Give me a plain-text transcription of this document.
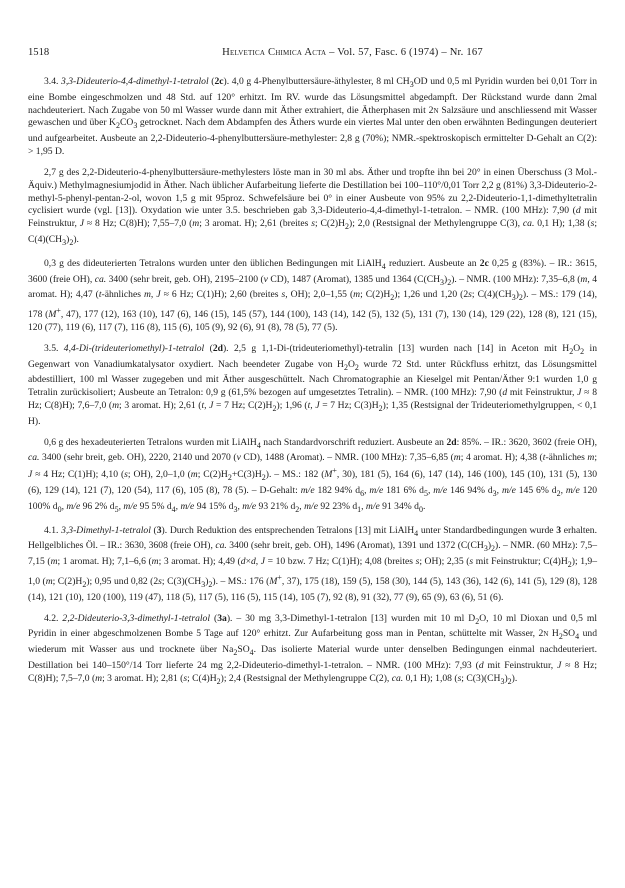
1518	Helvetica Chimica Acta – Vol. 57, Fasc. 6 (1974) – Nr. 167

3.4. 3,3-Dideuterio-4,4-dimethyl-1-tetralol (2c). 4,0 g 4-Phenylbuttersäure-äthylester, 8 ml $CH_3OD$ und 0,5 ml Pyridin wurden bei 0,01 Torr in eine Bombe eingeschmolzen und 48 Std. auf 120° erhitzt. Im RV. wurde das Lösungsmittel abgedampft. Der Rückstand wurde dann 2mal nachdeuteriert. Nach Zugabe von 50 ml Wasser wurde dann mit Äther extrahiert, die Ätherphasen mit 2n Salzsäure und anschliessend mit Wasser gewaschen und über $K_2CO_3$ getrocknet. Nach dem Abdampfen des Äthers wurde ein viertes Mal unter den oben erwähnten Bedingungen deuteriert und aufgearbeitet. Ausbeute an 2,2-Dideuterio-4-phenylbuttersäure-methylester: 2,8 g (70%); NMR.-spektroskopisch ermittelter D-Gehalt an C(2): > 1,95 D.

2,7 g des 2,2-Dideuterio-4-phenylbuttersäure-methylesters löste man in 30 ml abs. Äther und tropfte ihn bei 20° in einen Überschuss (3 Mol.-Äquiv.) Methylmagnesiumjodid in Äther. Nach üblicher Aufarbeitung lieferte die Destillation bei 100–110°/0,01 Torr 2,2 g (81%) 3,3-Dideuterio-2-methyl-5-phenyl-pentan-2-ol, wovon 1,5 g mit 95proz. Schwefelsäure bei 0° in einer Ausbeute von 95% zu 2,2-Dideuterio-1,1-dimethyltetralin cyclisiert wurde (vgl. [13]). Oxydation wie unter 3.5. beschrieben gab 3,3-Dideuterio-4,4-dimethyl-1-tetralon. – NMR. (100 MHz): 7,90 (d mit Feinstruktur, J ≈ 8 Hz; C(8)H); 7,55–7,0 (m; 3 aromat. H); 2,61 (breites s; $C(2)H_2$); 2,0 (Restsignal der Methylengruppe C(3), ca. 0,1 H); 1,38 (s; $C(4)(CH_3)_2$).

0,3 g des dideuterierten Tetralons wurden unter den üblichen Bedingungen mit LiAlH$_4$ reduziert. Ausbeute an 2c 0,25 g (83%). – IR.: 3615, 3600 (freie OH), ca. 3400 (sehr breit, geb. OH), 2195–2100 (v CD), 1487 (Aromat), 1385 und 1364 $(C(CH_3)_2)$. – NMR. (100 MHz): 7,35–6,8 (m, 4 aromat. H); 4,47 (t-ähnliches m, J ≈ 6 Hz; C(1)H); 2,60 (breites s, OH); 2,0–1,55 (m; $C(2)H_2$); 1,26 und 1,20 (2s; $C(4)(CH_3)_2$). – MS.: 179 (14), 178 (M+, 47), 177 (12), 163 (10), 147 (6), 146 (15), 145 (57), 144 (100), 143 (14), 142 (5), 132 (5), 131 (7), 130 (14), 129 (22), 128 (8), 121 (15), 120 (77), 119 (6), 117 (7), 116 (8), 115 (6), 105 (9), 92 (6), 91 (8), 78 (5), 77 (5).

3.5. 4,4-Di-(trideuteriomethyl)-1-tetralol (2d). 2,5 g 1,1-Di-(trideuteriomethyl)-tetralin [13] wurden nach [14] in Aceton mit $H_2O_2$ in Gegenwart von Vanadiumkatalysator oxydiert. Nach beendeter Zugabe von $H_2O_2$ wurde 72 Std. unter Rückfluss erhitzt, das Lösungsmittel abdestilliert, 100 ml Wasser zugegeben und mit Äther ausgeschüttelt. Nach Chromatographie an Kieselgel mit Pentan/Äther 9:1 wurden 1,0 g Tetralin zurückisoliert; Ausbeute an Tetralon: 0,9 g (61,5% bezogen auf umgesetztes Tetralin). – NMR. (100 MHz): 7,90 (d mit Feinstruktur, J ≈ 8 Hz; C(8)H); 7,6–7,0 (m; 3 aromat. H); 2,61 (t, J = 7 Hz; $C(2)H_2$); 1,96 (t, J = 7 Hz; $C(3)H_2$); 1,35 (Restsignal der Trideuteriomethylgruppen, < 0,1 H).

0,6 g des hexadeuterierten Tetralons wurden mit LiAlH$_4$ nach Standardvorschrift reduziert. Ausbeute an 2d: 85%. – IR.: 3620, 3602 (freie OH), ca. 3400 (sehr breit, geb. OH), 2220, 2140 und 2070 (v CD), 1488 (Aromat). – NMR. (100 MHz): 7,35–6,85 (m; 4 aromat. H); 4,38 (t-ähnliches m; J ≈ 4 Hz; C(1)H); 4,10 (s; OH), 2,0–1,0 (m; $C(2)H_2+C(3)H_2$). – MS.: 182 (M+, 30), 181 (5), 164 (6), 147 (14), 146 (100), 145 (10), 131 (5), 130 (6), 129 (14), 121 (7), 120 (54), 117 (6), 105 (8), 78 (5). – D-Gehalt: m/e 182 94% $d_6$, m/e 181 6% $d_5$, m/e 146 94% $d_3$, m/e 145 6% $d_2$, m/e 120 100% $d_0$, m/e 96 2% $d_5$, m/e 95 5% $d_4$, m/e 94 15% $d_3$, m/e 93 21% $d_2$, m/e 92 23% $d_1$, m/e 91 34% $d_0$.

4.1. 3,3-Dimethyl-1-tetralol (3). Durch Reduktion des entsprechenden Tetralons [13] mit LiAlH$_4$ unter Standardbedingungen wurde 3 erhalten. Hellgelbliches Öl. – IR.: 3630, 3608 (freie OH), ca. 3400 (sehr breit, geb. OH), 1496 (Aromat), 1391 und 1372 $(C(CH_3)_2)$. – NMR. (60 MHz): 7,5–7,15 (m; 1 aromat. H); 7,1–6,6 (m; 3 aromat. H); 4,49 (d×d, J = 10 bzw. 7 Hz; C(1)H); 4,08 (breites s; OH); 2,35 (s mit Feinstruktur; $C(4)H_2$); 1,9–1,0 (m; $C(2)H_2$); 0,95 und 0,82 (2s; $C(3)(CH_3)_2$). – MS.: 176 (M+, 37), 175 (18), 159 (5), 158 (30), 144 (5), 143 (36), 142 (6), 141 (5), 129 (8), 128 (14), 121 (10), 120 (100), 119 (47), 118 (5), 117 (5), 116 (5), 115 (14), 105 (7), 92 (8), 91 (32), 77 (9), 65 (9), 63 (6), 51 (6).

4.2. 2,2-Dideuterio-3,3-dimethyl-1-tetralol (3a). – 30 mg 3,3-Dimethyl-1-tetralon [13] wurden mit 10 ml $D_2O$, 10 ml Dioxan und 0,5 ml Pyridin in einer abgeschmolzenen Bombe 5 Tage auf 120° erhitzt. Zur Aufarbeitung goss man in Pentan, schüttelte mit Wasser, 2n $H_2SO_4$ und wiederum mit Wasser aus und trocknete über $Na_2SO_4$. Das isolierte Material wurde unter denselben Bedingungen einmal nachdeuteriert. Destillation bei 140–150°/14 Torr lieferte 24 mg 2,2-Dideuterio-dimethyl-1-tetralon. – NMR. (100 MHz): 7,93 (d mit Feinstruktur, J ≈ 8 Hz; C(8)H); 7,5–7,0 (m; 3 aromat. H); 2,81 (s; $C(4)H_2$); 2,4 (Restsignal der Methylengruppe C(2), ca. 0,1 H); 1,08 (s; $C(3)(CH_3)_2$).
